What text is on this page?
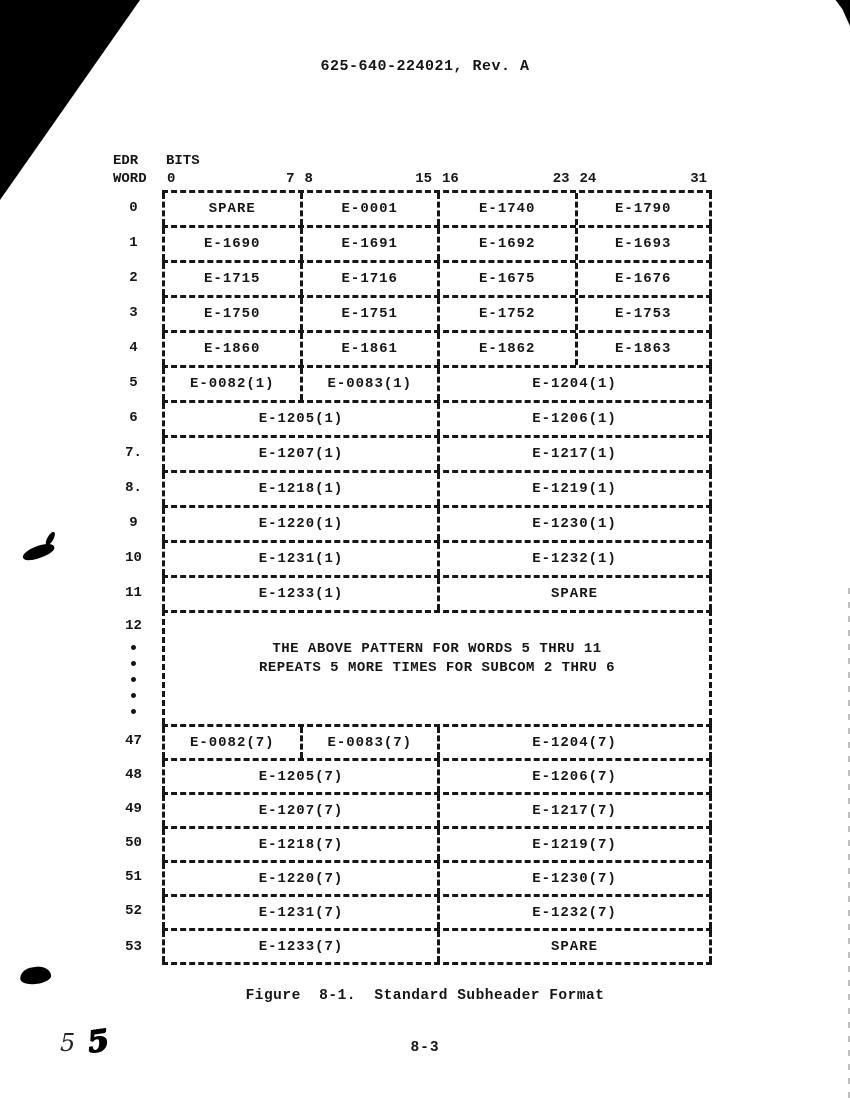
625-640-224021, Rev. A
EDR
WORD
BITS
0	7 8	15 16	23 24	31
0	SPARE	E-0001	E-1740	E-1790
1	E-1690	E-1691	E-1692	E-1693
2	E-1715	E-1716	E-1675	E-1676
3	E-1750	E-1751	E-1752	E-1753
4	E-1860	E-1861	E-1862	E-1863
5	E-0082(1)	E-0083(1)	E-1204(1)
6	E-1205(1)	E-1206(1)
7.	E-1207(1)	E-1217(1)
8.	E-1218(1)	E-1219(1)
9	E-1220(1)	E-1230(1)
10	E-1231(1)	E-1232(1)
11	E-1233(1)	SPARE
12
THE ABOVE PATTERN FOR WORDS 5 THRU 11
REPEATS 5 MORE TIMES FOR SUBCOM 2 THRU 6
47	E-0082(7)	E-0083(7)	E-1204(7)
48	E-1205(7)	E-1206(7)
49	E-1207(7)	E-1217(7)
50	E-1218(7)	E-1219(7)
51	E-1220(7)	E-1230(7)
52	E-1231(7)	E-1232(7)
53	E-1233(7)	SPARE
Figure  8-1.  Standard Subheader Format
8-3
5 5
